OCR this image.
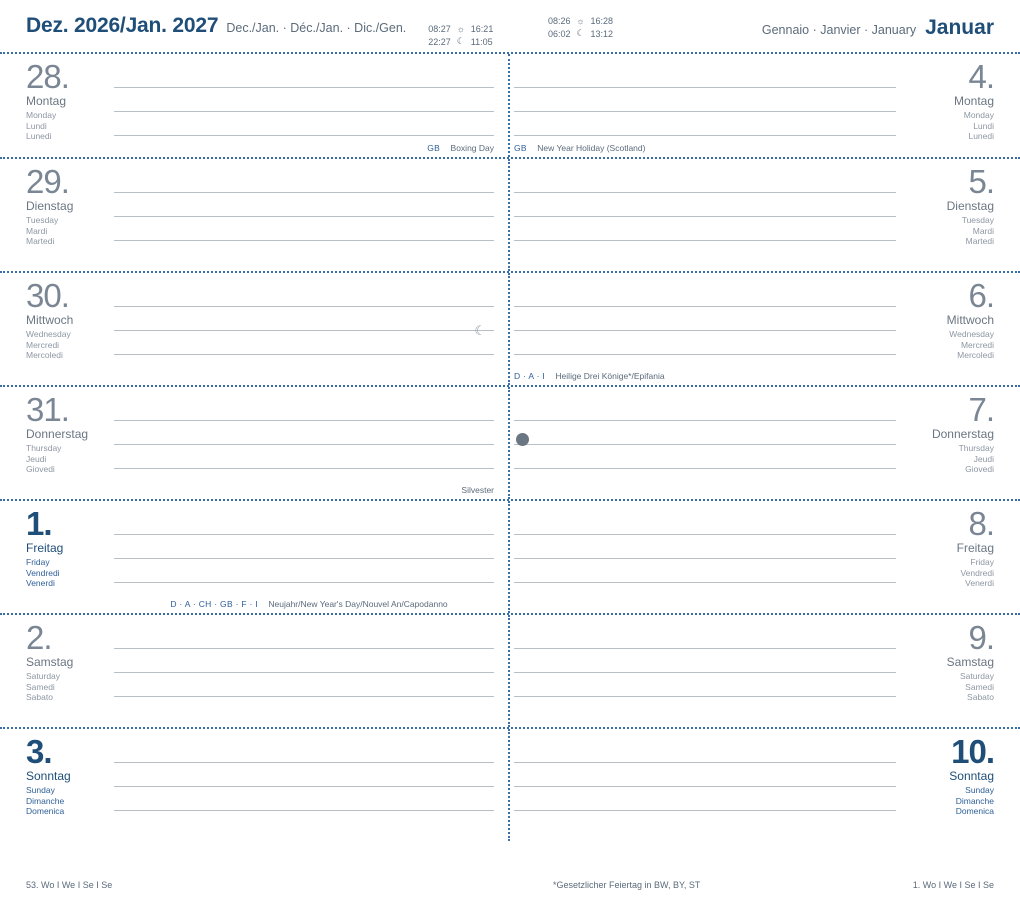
Dez. 2026/Jan. 2027 Dec./Jan. · Déc./Jan. · Dic./Gen. 08:27 ☼ 16:21
22:27 ☾ 11:05
08:26 ☼ 16:28
06:02 ☾ 13:12	Gennaio · Janvier · January Januar
28.
Montag
Monday
Lundi
Lunedi
GB Boxing Day GB New Year Holiday (Scotland)
4.
Montag
Monday
Lundi
Lunedi
29.
Dienstag
Tuesday
Mardi
Martedi
5.
Dienstag
Tuesday
Mardi
Martedi
30.
Mittwoch
Wednesday
Mercredi
Mercoledi
☾
D · A · I Heilige Drei Könige*/Epifania
6.
Mittwoch
Wednesday
Mercredi
Mercoledi
31.
Donnerstag
Thursday
Jeudi
Giovedi
Silvester
7.
Donnerstag
Thursday
Jeudi
Giovedi
1.
Freitag
Friday
Vendredi
Venerdi
D · A · CH · GB · F · I Neujahr/New Year's Day/Nouvel An/Capodanno
8.
Freitag
Friday
Vendredi
Venerdi
2.
Samstag
Saturday
Samedi
Sabato
9.
Samstag
Saturday
Samedi
Sabato
3.
Sonntag
Sunday
Dimanche
Domenica
10.
Sonntag
Sunday
Dimanche
Domenica
53. Wo I We I Se I Se	*Gesetzlicher Feiertag in BW, BY, ST	1. Wo I We I Se I Se
